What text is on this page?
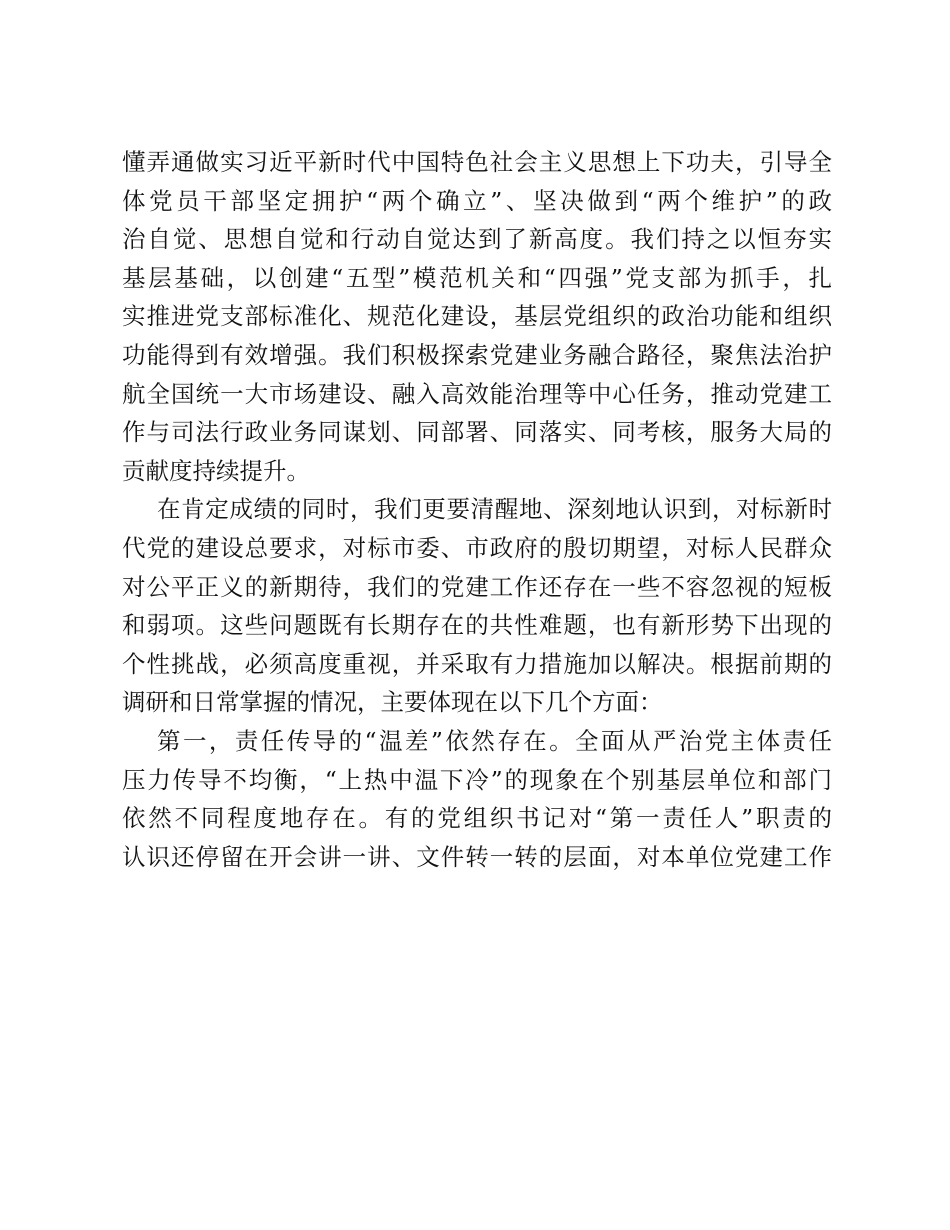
懂弄通做实习近平新时代中国特色社会主义思想上下功夫，引导全
体党员干部坚定拥护“两个确立”、坚决做到“两个维护”的政
治自觉、思想自觉和行动自觉达到了新高度。我们持之以恒夯实
基层基础，以创建“五型”模范机关和“四强”党支部为抓手，扎
实推进党支部标准化、规范化建设，基层党组织的政治功能和组织
功能得到有效增强。我们积极探索党建业务融合路径，聚焦法治护
航全国统一大市场建设、融入高效能治理等中心任务，推动党建工
作与司法行政业务同谋划、同部署、同落实、同考核，服务大局的
贡献度持续提升。
在肯定成绩的同时，我们更要清醒地、深刻地认识到，对标新时
代党的建设总要求，对标市委、市政府的殷切期望，对标人民群众
对公平正义的新期待，我们的党建工作还存在一些不容忽视的短板
和弱项。这些问题既有长期存在的共性难题，也有新形势下出现的
个性挑战，必须高度重视，并采取有力措施加以解决。根据前期的
调研和日常掌握的情况，主要体现在以下几个方面：
第一，责任传导的“温差”依然存在。全面从严治党主体责任
压力传导不均衡，“上热中温下冷”的现象在个别基层单位和部门
依然不同程度地存在。有的党组织书记对“第一责任人”职责的
认识还停留在开会讲一讲、文件转一转的层面，对本单位党建工作
